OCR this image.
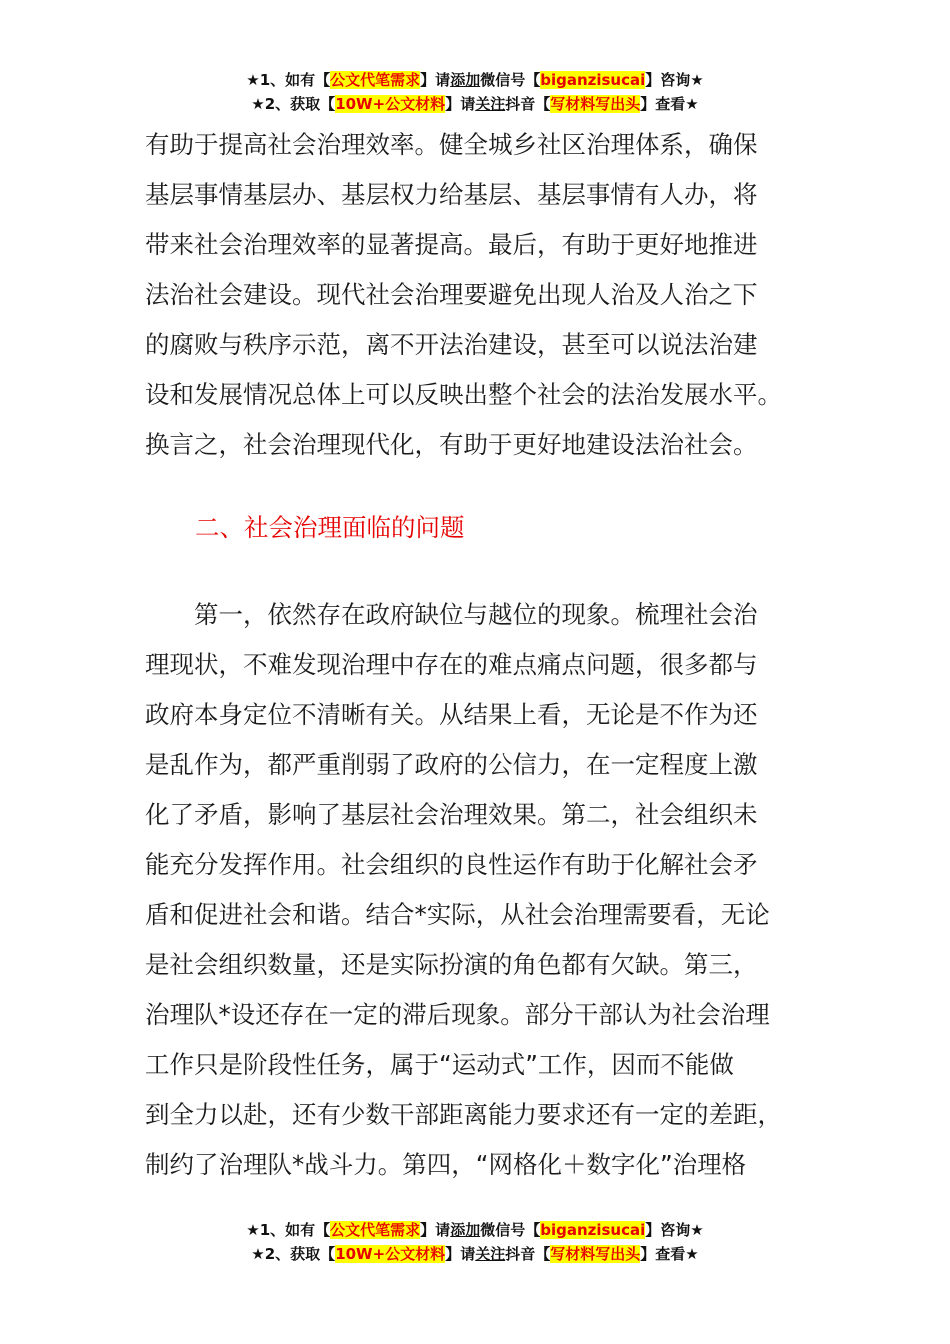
★1、如有【公文代笔需求】请添加微信号【biganzisucai】咨询★
★2、获取【10W+公文材料】请关注抖音【写材料写出头】查看★
有助于提高社会治理效率。健全城乡社区治理体系，确保
基层事情基层办、基层权力给基层、基层事情有人办，将
带来社会治理效率的显著提高。最后，有助于更好地推进
法治社会建设。现代社会治理要避免出现人治及人治之下
的腐败与秩序示范，离不开法治建设，甚至可以说法治建
设和发展情况总体上可以反映出整个社会的法治发展水平。
换言之，社会治理现代化，有助于更好地建设法治社会。
二、社会治理面临的问题
　　第一，依然存在政府缺位与越位的现象。梳理社会治
理现状，不难发现治理中存在的难点痛点问题，很多都与
政府本身定位不清晰有关。从结果上看，无论是不作为还
是乱作为，都严重削弱了政府的公信力，在一定程度上激
化了矛盾，影响了基层社会治理效果。第二，社会组织未
能充分发挥作用。社会组织的良性运作有助于化解社会矛
盾和促进社会和谐。结合*实际，从社会治理需要看，无论
是社会组织数量，还是实际扮演的角色都有欠缺。第三，
治理队*设还存在一定的滞后现象。部分干部认为社会治理
工作只是阶段性任务，属于“运动式”工作，因而不能做
到全力以赴，还有少数干部距离能力要求还有一定的差距，
制约了治理队*战斗力。第四，“网格化＋数字化”治理格
★1、如有【公文代笔需求】请添加微信号【biganzisucai】咨询★
★2、获取【10W+公文材料】请关注抖音【写材料写出头】查看★
